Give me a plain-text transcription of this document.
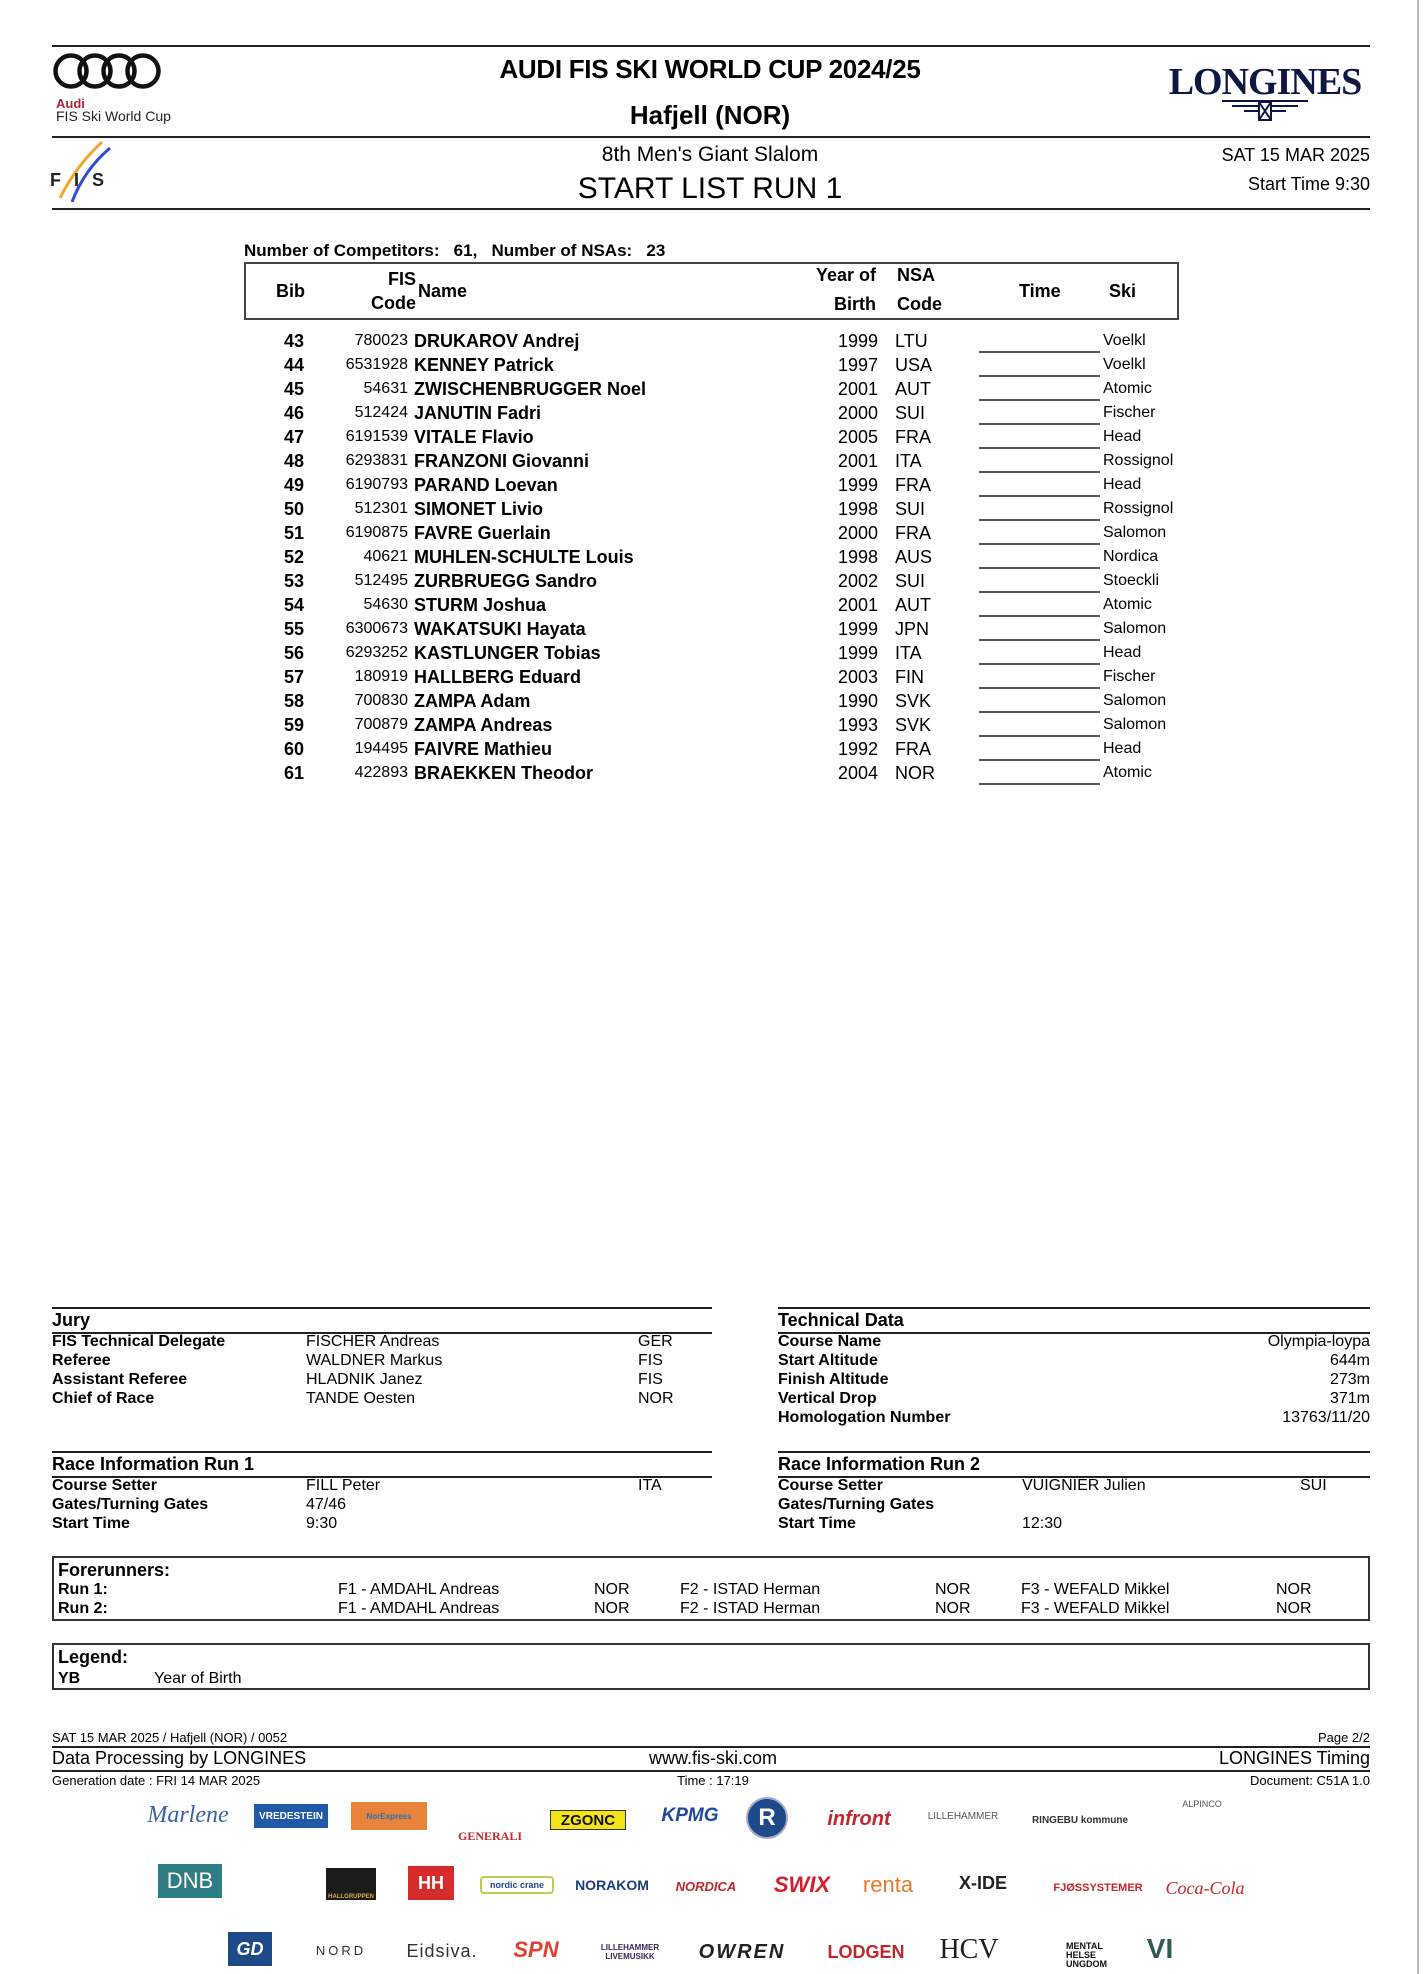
Audi
FIS Ski World Cup
AUDI FIS SKI WORLD CUP 2024/25
Hafjell (NOR)
LONGINES
F I S
8th Men's Giant Slalom
START LIST RUN 1
SAT 15 MAR 2025
Start Time 9:30
Number of Competitors:   61,   Number of NSAs:   23
Bib
FIS
Code
Name
Year of
Birth
NSA
Code
Time	Ski
43	780023 DRUKAROV Andrej	1999 LTU	Voelkl
44	6531928 KENNEY Patrick	1997 USA	Voelkl
45	54631 ZWISCHENBRUGGER Noel	2001 AUT	Atomic
46	512424 JANUTIN Fadri	2000 SUI	Fischer
47	6191539 VITALE Flavio	2005 FRA	Head
48	6293831 FRANZONI Giovanni	2001 ITA	Rossignol
49	6190793 PARAND Loevan	1999 FRA	Head
50	512301 SIMONET Livio	1998 SUI	Rossignol
51	6190875 FAVRE Guerlain	2000 FRA	Salomon
52	40621 MUHLEN-SCHULTE Louis	1998 AUS	Nordica
53	512495 ZURBRUEGG Sandro	2002 SUI	Stoeckli
54	54630 STURM Joshua	2001 AUT	Atomic
55	6300673 WAKATSUKI Hayata	1999 JPN	Salomon
56	6293252 KASTLUNGER Tobias	1999 ITA	Head
57	180919 HALLBERG Eduard	2003 FIN	Fischer
58	700830 ZAMPA Adam	1990 SVK	Salomon
59	700879 ZAMPA Andreas	1993 SVK	Salomon
60	194495 FAIVRE Mathieu	1992 FRA	Head
61	422893 BRAEKKEN Theodor	2004 NOR	Atomic
Jury
FIS Technical Delegate	FISCHER Andreas	GER
Referee	WALDNER Markus	FIS
Assistant Referee	HLADNIK Janez	FIS
Chief of Race	TANDE Oesten	NOR
Technical Data
Course Name	Olympia-loypa
Start Altitude	644m
Finish Altitude	273m
Vertical Drop	371m
Homologation Number	13763/11/20
Race Information Run 1
Course Setter	FILL Peter	ITA
Gates/Turning Gates	47/46
Start Time	9:30
Race Information Run 2
Course Setter	VUIGNIER Julien	SUI
Gates/Turning Gates
Start Time	12:30
Forerunners:
Run 1:	F1 - AMDAHL Andreas	NOR	F2 - ISTAD Herman	NOR	F3 - WEFALD Mikkel	NOR
Run 2:	F1 - AMDAHL Andreas	NOR	F2 - ISTAD Herman	NOR	F3 - WEFALD Mikkel	NOR
Legend:
YB	Year of Birth
SAT 15 MAR 2025 / Hafjell (NOR) / 0052	Page 2/2
Data Processing by LONGINES	www.fis-ski.com	LONGINES Timing
Generation date : FRI 14 MAR 2025	Time : 17:19	Document: C51A 1.0
Marlene	VREDESTEIN	NorExpress
GENERALI
ZGONC	KPMG	R	infront	LILLEHAMMER	RINGEBU kommune
ALPINCO
DNB
HALLGRUPPEN
HH	nordic crane	NORAKOM	NORDICA	SWIX	renta	X-IDE	FJØSSYSTEMER	Coca-Cola
GD	NORD	Eidsiva.	SPN	LILLEHAMMER LIVEMUSIKK	OWREN	LODGEN HCV	MENTAL HELSE UNGDOM	VI
